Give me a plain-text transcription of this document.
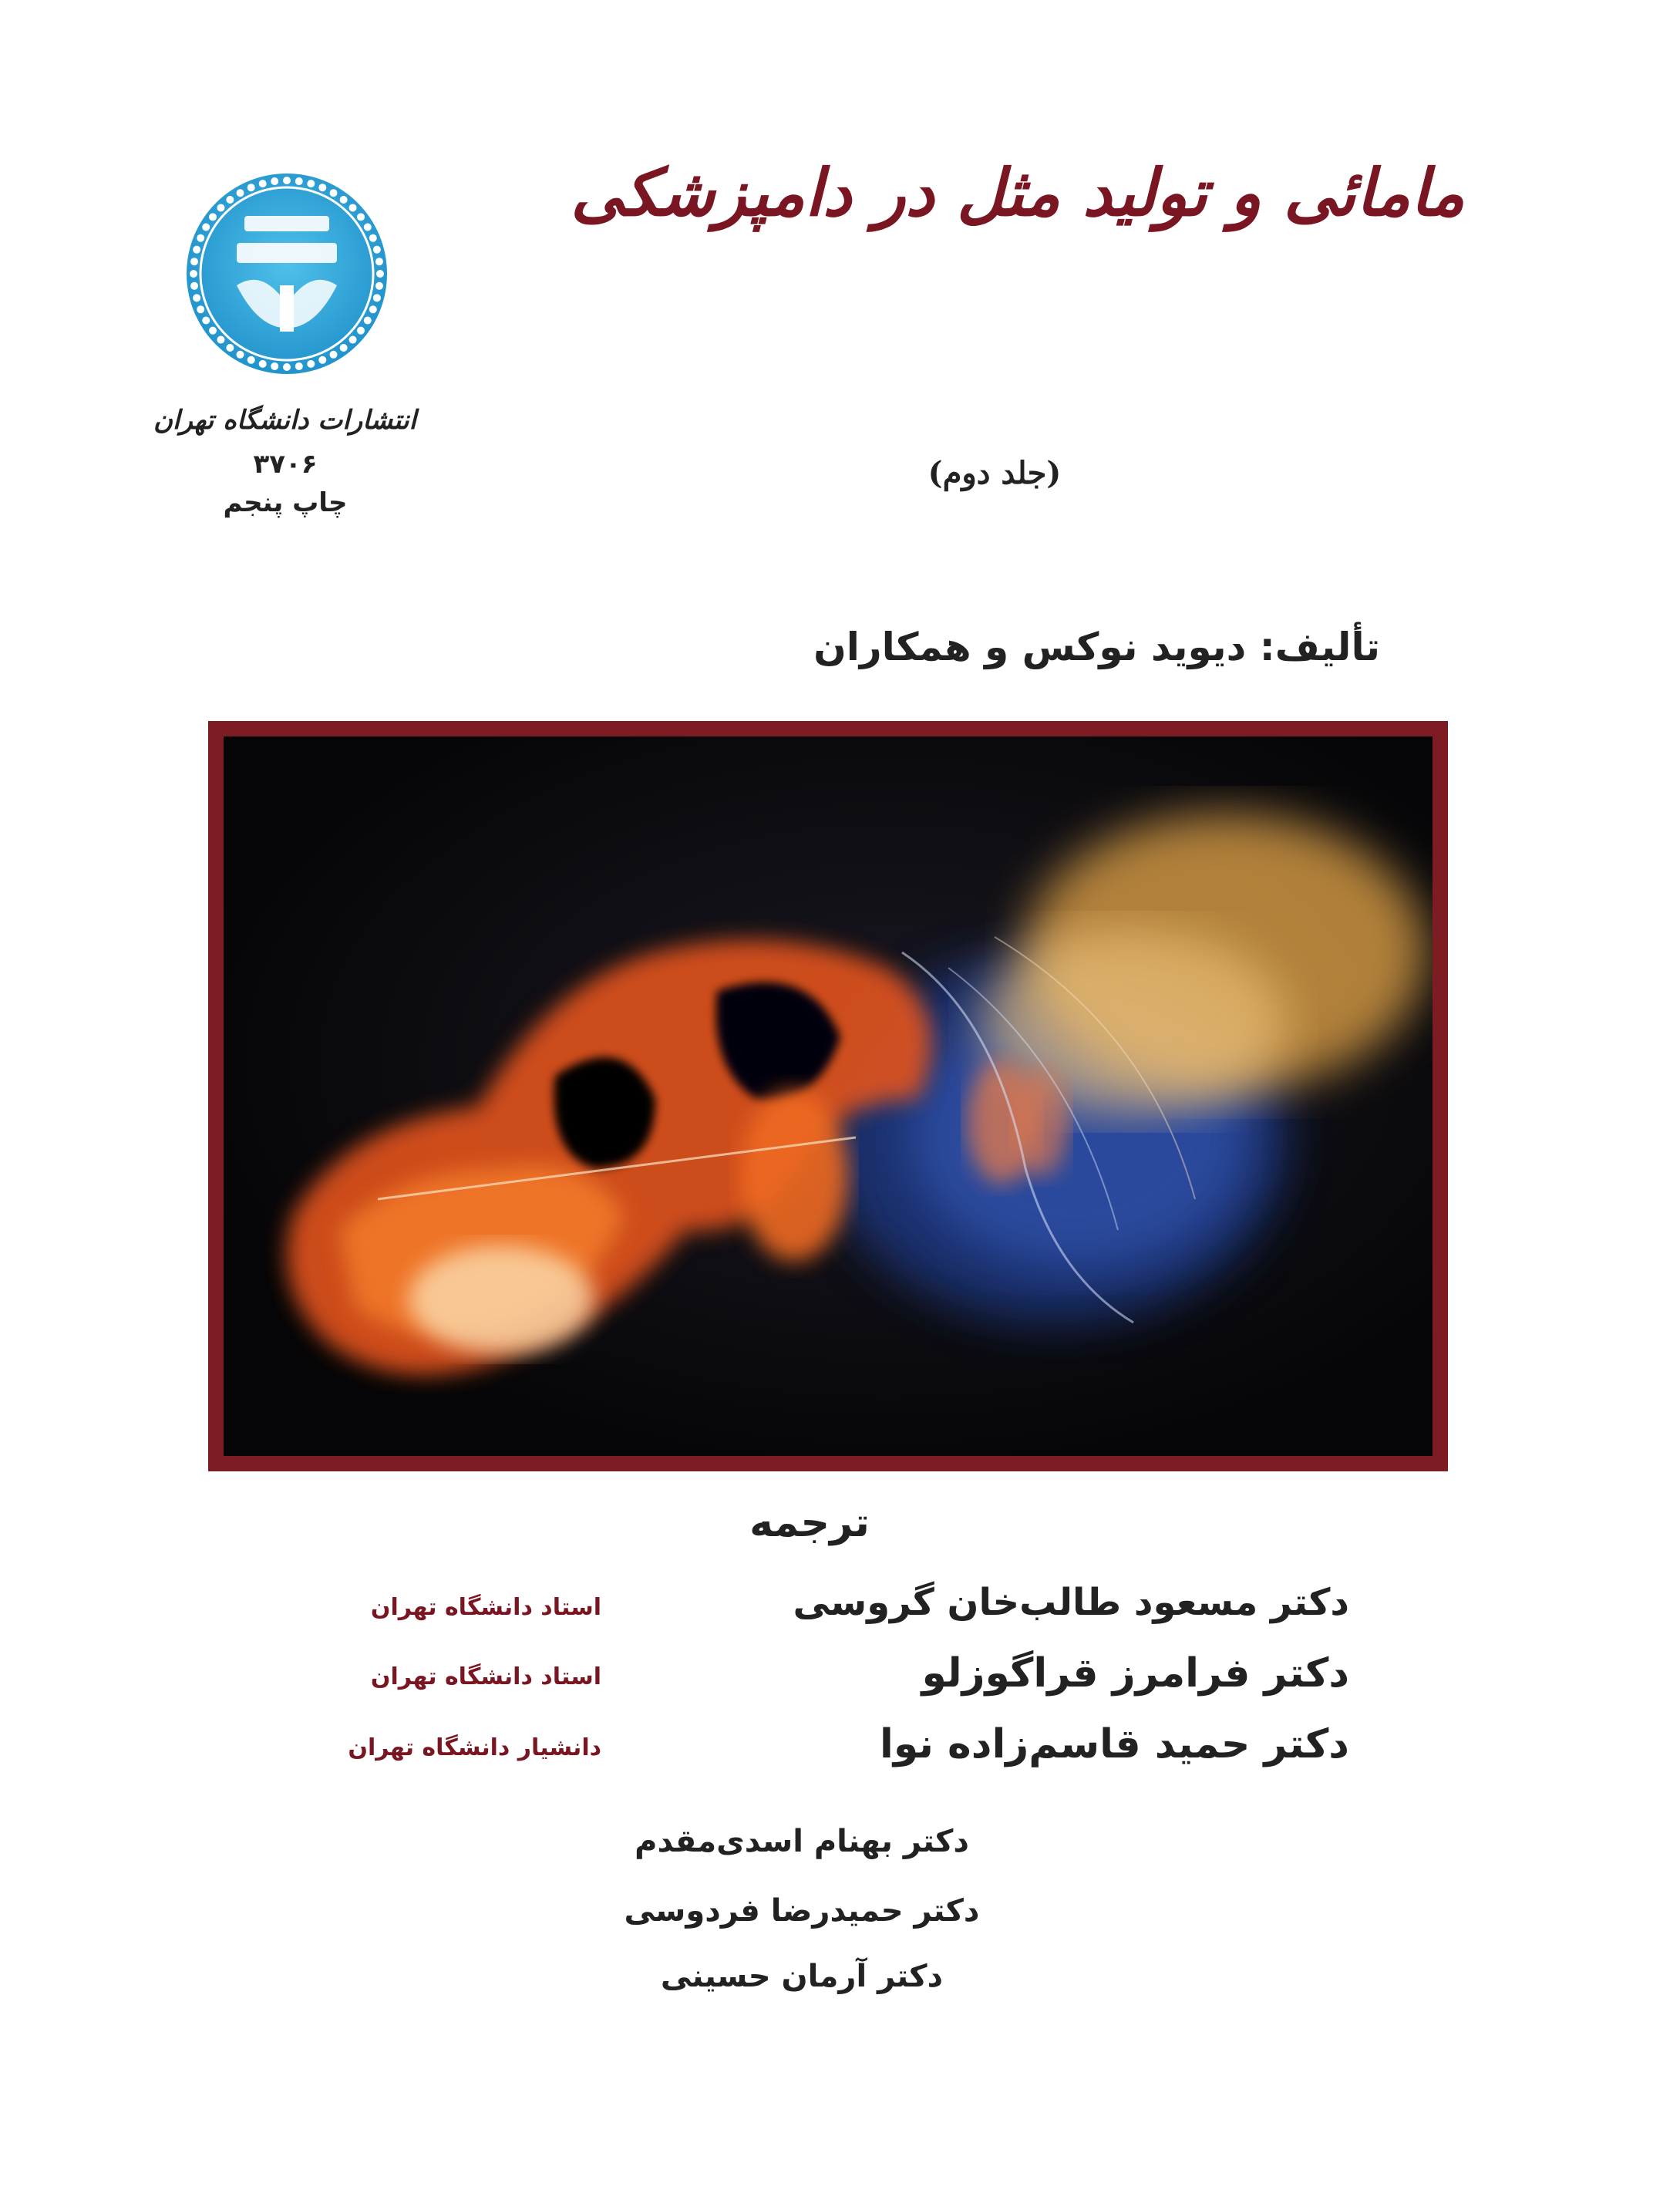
انتشارات دانشگاه تهران
۳۷۰۶
چاپ پنجم
مامائی و تولید مثل در دامپزشکی
(جلد دوم)
تألیف: دیوید نوکس و همکاران
ترجمه
دکتر مسعود طالب‌خان گروسی
استاد دانشگاه تهران
دکتر فرامرز قراگوزلو
استاد دانشگاه تهران
دکتر حمید قاسم‌زاده نوا
دانشیار دانشگاه تهران
دکتر بهنام اسدی‌مقدم
دکتر حمیدرضا فردوسی
دکتر آرمان حسینی
